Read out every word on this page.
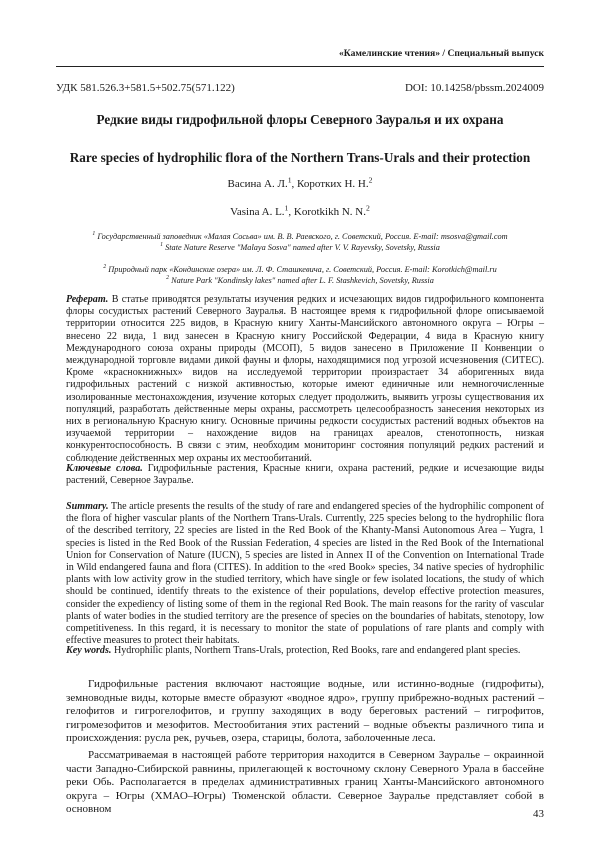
«Камелинские чтения» / Специальный выпуск
УДК 581.526.3+581.5+502.75(571.122)	DOI: 10.14258/pbssm.2024009
Редкие виды гидрофильной флоры Северного Зауралья и их охрана
Rare species of hydrophilic flora of the Northern Trans-Urals and their protection
Васина А. Л.$^1$, Коротких Н. Н.$^2$
Vasina A. L.$^1$, Korotkikh N. N.$^2$
$^1$ Государственный заповедник «Малая Сосьва» им. В. В. Раевского, г. Советский, Россия. E-mail: msosva@gmail.com
$^1$ State Nature Reserve "Malaya Sosva" named after V. V. Rayevsky, Sovetsky, Russia
$^2$ Природный парк «Кондинские озера» им. Л. Ф. Сташкевича, г. Советский, Россия. E-mail: Korotkich@mail.ru
$^2$ Nature Park "Kondinsky lakes" named after L. F. Stashkevich, Sovetsky, Russia
Реферат. В статье приводятся результаты изучения редких и исчезающих видов гидрофильного компонента флоры сосудистых растений Северного Зауралья. В настоящее время к гидрофильной флоре описываемой территории относится 225 видов, в Красную книгу Ханты-Мансийского автономного округа – Югры – внесено 22 вида, 1 вид занесен в Красную книгу Российской Федерации, 4 вида в Красную книгу Международного союза охраны природы (МСОП), 5 видов занесено в Приложение II Конвенции о международной торговле видами дикой фауны и флоры, находящимися под угрозой исчезновения (СИТЕС). Кроме «краснокнижных» видов на исследуемой территории произрастает 34 аборигенных вида гидрофильных растений с низкой активностью, которые имеют единичные или немногочисленные изолированные местонахождения, изучение которых следует продолжить, выявить угрозы существования их популяций, разработать действенные меры охраны, рассмотреть целесообразность занесения некоторых из них в региональную Красную книгу. Основные причины редкости сосудистых растений водных объектов на изучаемой территории – нахождение видов на границах ареалов, стенотопность, низкая конкурентоспособность. В связи с этим, необходим мониторинг состояния популяций редких растений и соблюдение действенных мер охраны их местообитаний.
Ключевые слова. Гидрофильные растения, Красные книги, охрана растений, редкие и исчезающие виды растений, Северное Зауралье.
Summary. The article presents the results of the study of rare and endangered species of the hydrophilic component of the flora of higher vascular plants of the Northern Trans-Urals. Currently, 225 species belong to the hydrophilic flora of the described territory, 22 species are listed in the Red Book of the Khanty-Mansi Autonomous Area – Yugra, 1 species is listed in the Red Book of the Russian Federation, 4 species are listed in the Red Book of the International Union for Conservation of Nature (IUCN), 5 species are listed in Annex II of the Convention on International Trade in Wild endangered fauna and flora (CITES). In addition to the «red Book» species, 34 native species of hydrophilic plants with low activity grow in the studied territory, which have single or few isolated locations, the study of which should be continued, identify threats to the existence of their populations, develop effective protection measures, consider the expediency of listing some of them in the regional Red Book. The main reasons for the rarity of vascular plants of water bodies in the studied territory are the presence of species on the boundaries of habitats, stenotopy, low competitiveness. In this regard, it is necessary to monitor the state of populations of rare plants and comply with effective measures to protect their habitats.
Key words. Hydrophilic plants, Northern Trans-Urals, protection, Red Books, rare and endangered plant species.

Гидрофильные растения включают настоящие водные, или истинно-водные (гидрофиты), земноводные виды, которые вместе образуют «водное ядро», группу прибрежно-водных растений – гелофитов и гигрогелофитов, и группу заходящих в воду береговых растений – гигрофитов, гигромезофитов и мезофитов. Местообитания этих растений – водные объекты различного типа и происхождения: русла рек, ручьев, озера, старицы, болота, заболоченные леса.

Рассматриваемая в настоящей работе территория находится в Северном Зауралье – окраинной части Западно-Сибирской равнины, прилегающей к восточному склону Северного Урала в бассейне реки Обь. Располагается в пределах административных границ Ханты-Мансийского автономного округа – Югры (ХМАО–Югры) Тюменской области. Северное Зауралье представляет собой в основном	43
